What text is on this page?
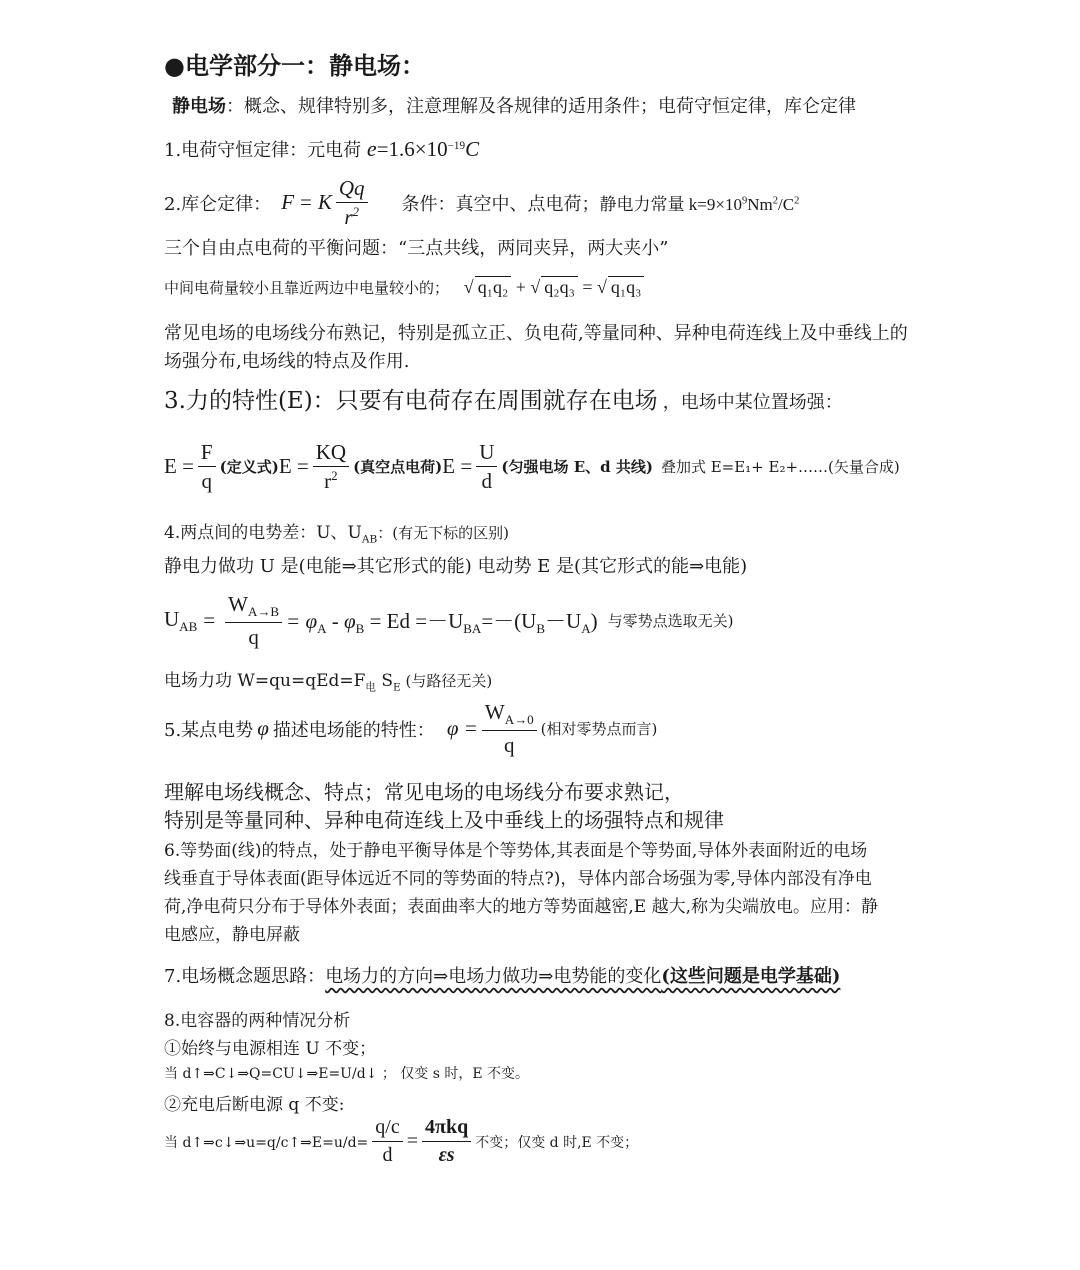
●电学部分一：静电场：
静电场：概念、规律特别多，注意理解及各规律的适用条件；电荷守恒定律，库仑定律
1.电荷守恒定律：元电荷 $e=1.6\times 10^{-19}C$
2.库仑定律： F = K $\frac{Qq}{r^2}$ 条件：真空中、点电荷； 静电力常量 $k=9\times 10^9Nm^2/C^2$
三个自由点电荷的平衡问题：“三点共线，两同夹异，两大夹小”
中间电荷量较小且靠近两边中电量较小的； √ q₁q₂ + √ q₂q₃ = √ q₁q₃
常见电场的电场线分布熟记，特别是孤立正、负电荷,等量同种、异种电荷连线上及中垂线上的
场强分布,电场线的特点及作用.
3.力的特性(E)：只要有电荷存在周围就存在电场 ，电场中某位置场强：
$E = \frac{F}{q}$ (定义式) $E = \frac{KQ}{r^2}$ (真空点电荷) $E = \frac{U}{d}$ (匀强电场 E、d 共线) 叠加式 E=E₁+ E₂+……(矢量合成)
4.两点间的电势差：U、$U_{AB}$：(有无下标的区别)
静电力做功 U 是(电能⇒其它形式的能) 电动势 E 是(其它形式的能⇒电能)
$U_{AB} = \frac{W_{A\to B}}{q} = \varphi_A - \varphi_B = Ed =-U_{BA}=-(U_B-U_A)$ 与零势点选取无关)
电场力功 $W=qu=qEd=F_电$ $S_E$ (与路径无关)
5.某点电势 φ 描述电场能的特性： $\varphi = \frac{W_{A\to 0}}{q}$ (相对零势点而言)
理解电场线概念、特点；常见电场的电场线分布要求熟记，
特别是等量同种、异种电荷连线上及中垂线上的场强特点和规律
6.等势面(线)的特点，处于静电平衡导体是个等势体,其表面是个等势面,导体外表面附近的电场
线垂直于导体表面(距导体远近不同的等势面的特点?)，导体内部合场强为零,导体内部没有净电
荷,净电荷只分布于导体外表面；表面曲率大的地方等势面越密,E 越大,称为尖端放电。应用：静
电感应，静电屏蔽
7.电场概念题思路：电场力的方向⇒电场力做功⇒电势能的变化(这些问题是电学基础)
8.电容器的两种情况分析
①始终与电源相连 U 不变；
当 d↑⇒C↓⇒Q=CU↓⇒E=U/d↓ ； 仅变 s 时，E 不变。
②充电后断电源 q 不变:
当 d↑⇒c↓⇒u=q/c↑⇒E=u/d= $\frac{q/c}{d} = \frac{\text{4πkq}}{\varepsilon s}$ 不变；仅变 d 时,E 不变；
